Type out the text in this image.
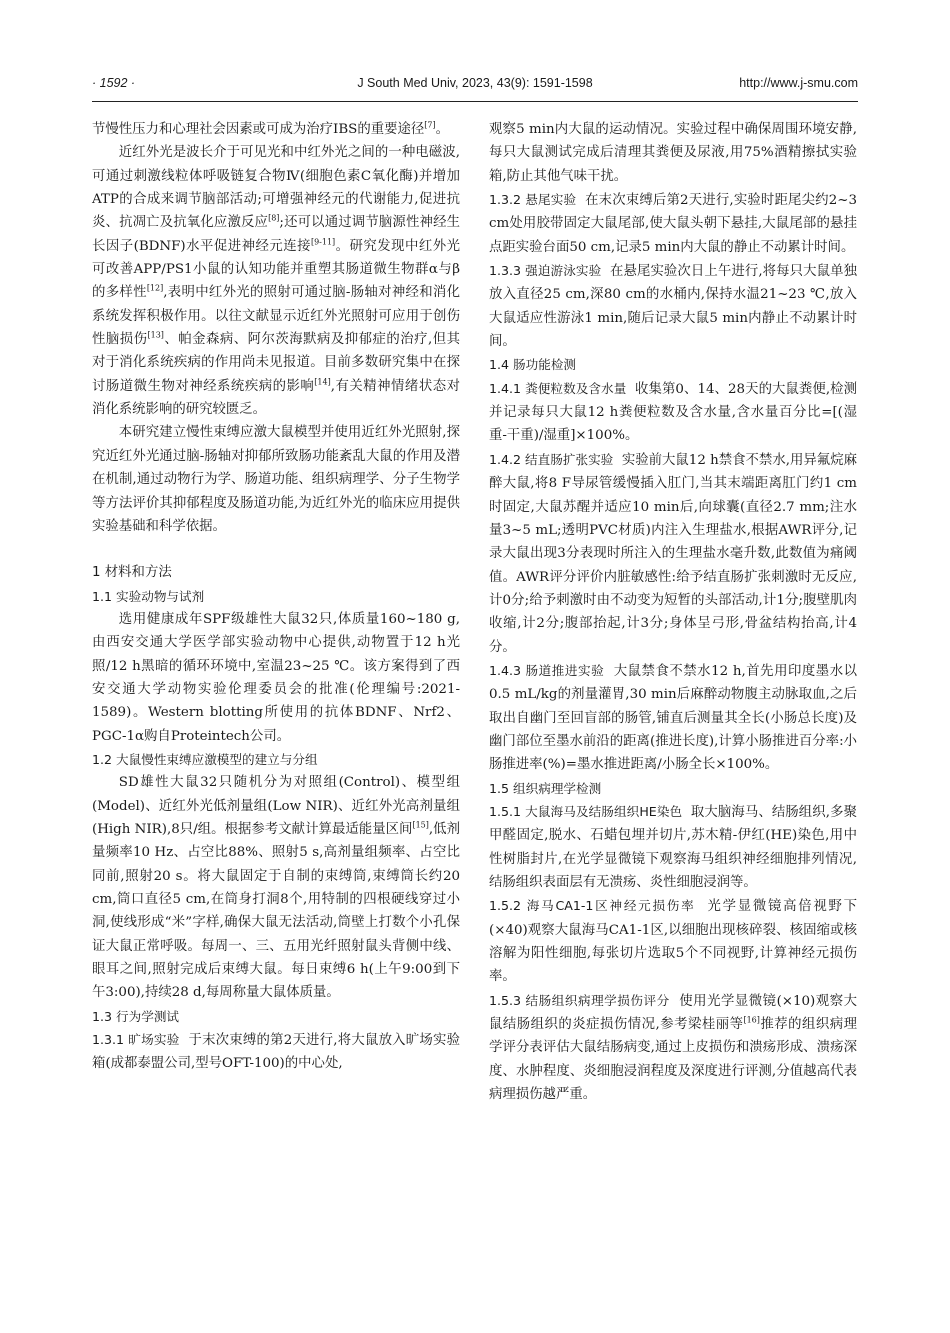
· 1592 ·	J South Med Univ, 2023, 43(9): 1591-1598	http://www.j-smu.com

节慢性压力和心理社会因素或可成为治疗IBS的重要途径[7]。

近红外光是波长介于可见光和中红外光之间的一种电磁波,可通过刺激线粒体呼吸链复合物Ⅳ(细胞色素C氧化酶)并增加ATP的合成来调节脑部活动;可增强神经元的代谢能力,促进抗炎、抗凋亡及抗氧化应激反应[8];还可以通过调节脑源性神经生长因子(BDNF)水平促进神经元连接[9-11]。研究发现中红外光可改善APP/PS1小鼠的认知功能并重塑其肠道微生物群α与β的多样性[12],表明中红外光的照射可通过脑-肠轴对神经和消化系统发挥积极作用。以往文献显示近红外光照射可应用于创伤性脑损伤[13]、帕金森病、阿尔茨海默病及抑郁症的治疗,但其对于消化系统疾病的作用尚未见报道。目前多数研究集中在探讨肠道微生物对神经系统疾病的影响[14],有关精神情绪状态对消化系统影响的研究较匮乏。

本研究建立慢性束缚应激大鼠模型并使用近红外光照射,探究近红外光通过脑-肠轴对抑郁所致肠功能紊乱大鼠的作用及潜在机制,通过动物行为学、肠道功能、组织病理学、分子生物学等方法评价其抑郁程度及肠道功能,为近红外光的临床应用提供实验基础和科学依据。

1 材料和方法

1.1 实验动物与试剂

选用健康成年SPF级雄性大鼠32只,体质量160~180 g,由西安交通大学医学部实验动物中心提供,动物置于12 h光照/12 h黑暗的循环环境中,室温23~25 ℃。该方案得到了西安交通大学动物实验伦理委员会的批准(伦理编号:2021-1589)。Western blotting所使用的抗体BDNF、Nrf2、PGC-1α购自Proteintech公司。

1.2 大鼠慢性束缚应激模型的建立与分组

SD雄性大鼠32只随机分为对照组(Control)、模型组(Model)、近红外光低剂量组(Low NIR)、近红外光高剂量组(High NIR),8只/组。根据参考文献计算最适能量区间[15],低剂量频率10 Hz、占空比88%、照射5 s,高剂量组频率、占空比同前,照射20 s。将大鼠固定于自制的束缚筒,束缚筒长约20 cm,筒口直径5 cm,在筒身打洞8个,用特制的四根硬线穿过小洞,使线形成“米”字样,确保大鼠无法活动,筒壁上打数个小孔保证大鼠正常呼吸。每周一、三、五用光纤照射鼠头背侧中线、眼耳之间,照射完成后束缚大鼠。每日束缚6 h(上午9:00到下午3:00),持续28 d,每周称量大鼠体质量。

1.3 行为学测试

1.3.1 旷场实验 于末次束缚的第2天进行,将大鼠放入旷场实验箱(成都泰盟公司,型号OFT-100)的中心处,

观察5 min内大鼠的运动情况。实验过程中确保周围环境安静,每只大鼠测试完成后清理其粪便及尿液,用75%酒精擦拭实验箱,防止其他气味干扰。

1.3.2 悬尾实验 在末次束缚后第2天进行,实验时距尾尖约2~3 cm处用胶带固定大鼠尾部,使大鼠头朝下悬挂,大鼠尾部的悬挂点距实验台面50 cm,记录5 min内大鼠的静止不动累计时间。

1.3.3 强迫游泳实验 在悬尾实验次日上午进行,将每只大鼠单独放入直径25 cm,深80 cm的水桶内,保持水温21~23 ℃,放入大鼠适应性游泳1 min,随后记录大鼠5 min内静止不动累计时间。

1.4 肠功能检测

1.4.1 粪便粒数及含水量 收集第0、14、28天的大鼠粪便,检测并记录每只大鼠12 h粪便粒数及含水量,含水量百分比=[(湿重-干重)/湿重]×100%。

1.4.2 结直肠扩张实验 实验前大鼠12 h禁食不禁水,用异氟烷麻醉大鼠,将8 F导尿管缓慢插入肛门,当其末端距离肛门约1 cm时固定,大鼠苏醒并适应10 min后,向球囊(直径2.7 mm;注水量3~5 mL;透明PVC材质)内注入生理盐水,根据AWR评分,记录大鼠出现3分表现时所注入的生理盐水毫升数,此数值为痛阈值。AWR评分评价内脏敏感性:给予结直肠扩张刺激时无反应,计0分;给予刺激时由不动变为短暂的头部活动,计1分;腹壁肌肉收缩,计2分;腹部抬起,计3分;身体呈弓形,骨盆结构抬高,计4分。

1.4.3 肠道推进实验 大鼠禁食不禁水12 h,首先用印度墨水以0.5 mL/kg的剂量灌胃,30 min后麻醉动物腹主动脉取血,之后取出自幽门至回盲部的肠管,铺直后测量其全长(小肠总长度)及幽门部位至墨水前沿的距离(推进长度),计算小肠推进百分率:小肠推进率(%)=墨水推进距离/小肠全长×100%。

1.5 组织病理学检测

1.5.1 大鼠海马及结肠组织HE染色 取大脑海马、结肠组织,多聚甲醛固定,脱水、石蜡包埋并切片,苏木精-伊红(HE)染色,用中性树脂封片,在光学显微镜下观察海马组织神经细胞排列情况,结肠组织表面层有无溃疡、炎性细胞浸润等。

1.5.2 海马CA1-1区神经元损伤率 光学显微镜高倍视野下(×40)观察大鼠海马CA1-1区,以细胞出现核碎裂、核固缩或核溶解为阳性细胞,每张切片选取5个不同视野,计算神经元损伤率。

1.5.3 结肠组织病理学损伤评分 使用光学显微镜(×10)观察大鼠结肠组织的炎症损伤情况,参考梁桂丽等[16]推荐的组织病理学评分表评估大鼠结肠病变,通过上皮损伤和溃疡形成、溃疡深度、水肿程度、炎细胞浸润程度及深度进行评测,分值越高代表病理损伤越严重。
